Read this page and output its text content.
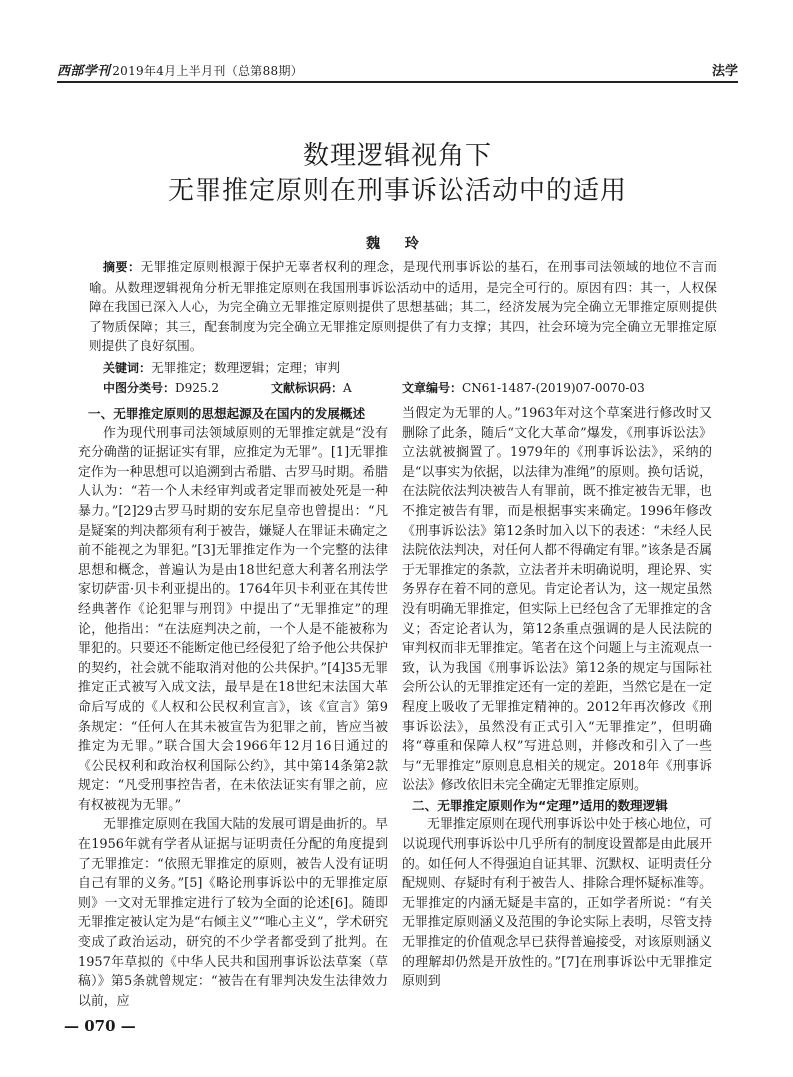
西部学刊 2019年4月上半月刊（总第88期）	法学
数理逻辑视角下
无罪推定原则在刑事诉讼活动中的适用
魏 玲

摘要：无罪推定原则根源于保护无辜者权利的理念，是现代刑事诉讼的基石，在刑事司法领域的地位不言而喻。从数理逻辑视角分析无罪推定原则在我国刑事诉讼活动中的适用，是完全可行的。原因有四：其一，人权保障在我国已深入人心，为完全确立无罪推定原则提供了思想基础；其二，经济发展为完全确立无罪推定原则提供了物质保障；其三，配套制度为完全确立无罪推定原则提供了有力支撑；其四，社会环境为完全确立无罪推定原则提供了良好氛围。

关键词：无罪推定；数理逻辑；定理；审判

中图分类号：D925.2	文献标识码：A	文章编号：CN61-1487-(2019)07-0070-03
一、无罪推定原则的思想起源及在国内的发展概述

作为现代刑事司法领域原则的无罪推定就是“没有充分确凿的证据证实有罪，应推定为无罪”。[1]无罪推定作为一种思想可以追溯到古希腊、古罗马时期。希腊人认为：“若一个人未经审判或者定罪而被处死是一种暴力。”[2]29古罗马时期的安东尼皇帝也曾提出：“凡是疑案的判决都须有利于被告，嫌疑人在罪证未确定之前不能视之为罪犯。”[3]无罪推定作为一个完整的法律思想和概念，普遍认为是由18世纪意大利著名刑法学家切萨雷·贝卡利亚提出的。1764年贝卡利亚在其传世经典著作《论犯罪与刑罚》中提出了“无罪推定”的理论，他指出：“在法庭判决之前，一个人是不能被称为罪犯的。只要还不能断定他已经侵犯了给予他公共保护的契约，社会就不能取消对他的公共保护。”[4]35无罪推定正式被写入成文法，最早是在18世纪末法国大革命后写成的《人权和公民权利宣言》，该《宣言》第9条规定：“任何人在其未被宣告为犯罪之前，皆应当被推定为无罪。”联合国大会1966年12月16日通过的《公民权利和政治权利国际公约》，其中第14条第2款规定：“凡受刑事控告者，在未依法证实有罪之前，应有权被视为无罪。”

无罪推定原则在我国大陆的发展可谓是曲折的。早在1956年就有学者从证据与证明责任分配的角度提到了无罪推定：“依照无罪推定的原则，被告人没有证明自己有罪的义务。”[5]《略论刑事诉讼中的无罪推定原则》一文对无罪推定进行了较为全面的论述[6]。随即无罪推定被认定为是“右倾主义”“唯心主义”，学术研究变成了政治运动，研究的不少学者都受到了批判。在1957年草拟的《中华人民共和国刑事诉讼法草案（草稿）》第5条就曾规定：“被告在有罪判决发生法律效力以前，应

当假定为无罪的人。”1963年对这个草案进行修改时又删除了此条，随后“文化大革命”爆发，《刑事诉讼法》立法就被搁置了。1979年的《刑事诉讼法》，采纳的是“以事实为依据，以法律为准绳”的原则。换句话说，在法院依法判决被告人有罪前，既不推定被告无罪，也不推定被告有罪，而是根据事实来确定。1996年修改《刑事诉讼法》第12条时加入以下的表述：“未经人民法院依法判决，对任何人都不得确定有罪。”该条是否属于无罪推定的条款，立法者并未明确说明，理论界、实务界存在着不同的意见。肯定论者认为，这一规定虽然没有明确无罪推定，但实际上已经包含了无罪推定的含义；否定论者认为，第12条重点强调的是人民法院的审判权而非无罪推定。笔者在这个问题上与主流观点一致，认为我国《刑事诉讼法》第12条的规定与国际社会所公认的无罪推定还有一定的差距，当然它是在一定程度上吸收了无罪推定精神的。2012年再次修改《刑事诉讼法》，虽然没有正式引入“无罪推定”，但明确将“尊重和保障人权”写进总则，并修改和引入了一些与“无罪推定”原则息息相关的规定。2018年《刑事诉讼法》修改依旧未完全确定无罪推定原则。

二、无罪推定原则作为“定理”适用的数理逻辑

无罪推定原则在现代刑事诉讼中处于核心地位，可以说现代刑事诉讼中几乎所有的制度设置都是由此展开的。如任何人不得强迫自证其罪、沉默权、证明责任分配规则、存疑时有利于被告人、排除合理怀疑标准等。无罪推定的内涵无疑是丰富的，正如学者所说：“有关无罪推定原则涵义及范围的争论实际上表明，尽管支持无罪推定的价值观念早已获得普遍接受，对该原则涵义的理解却仍然是开放性的。”[7]在刑事诉讼中无罪推定原则到

— 070 —
